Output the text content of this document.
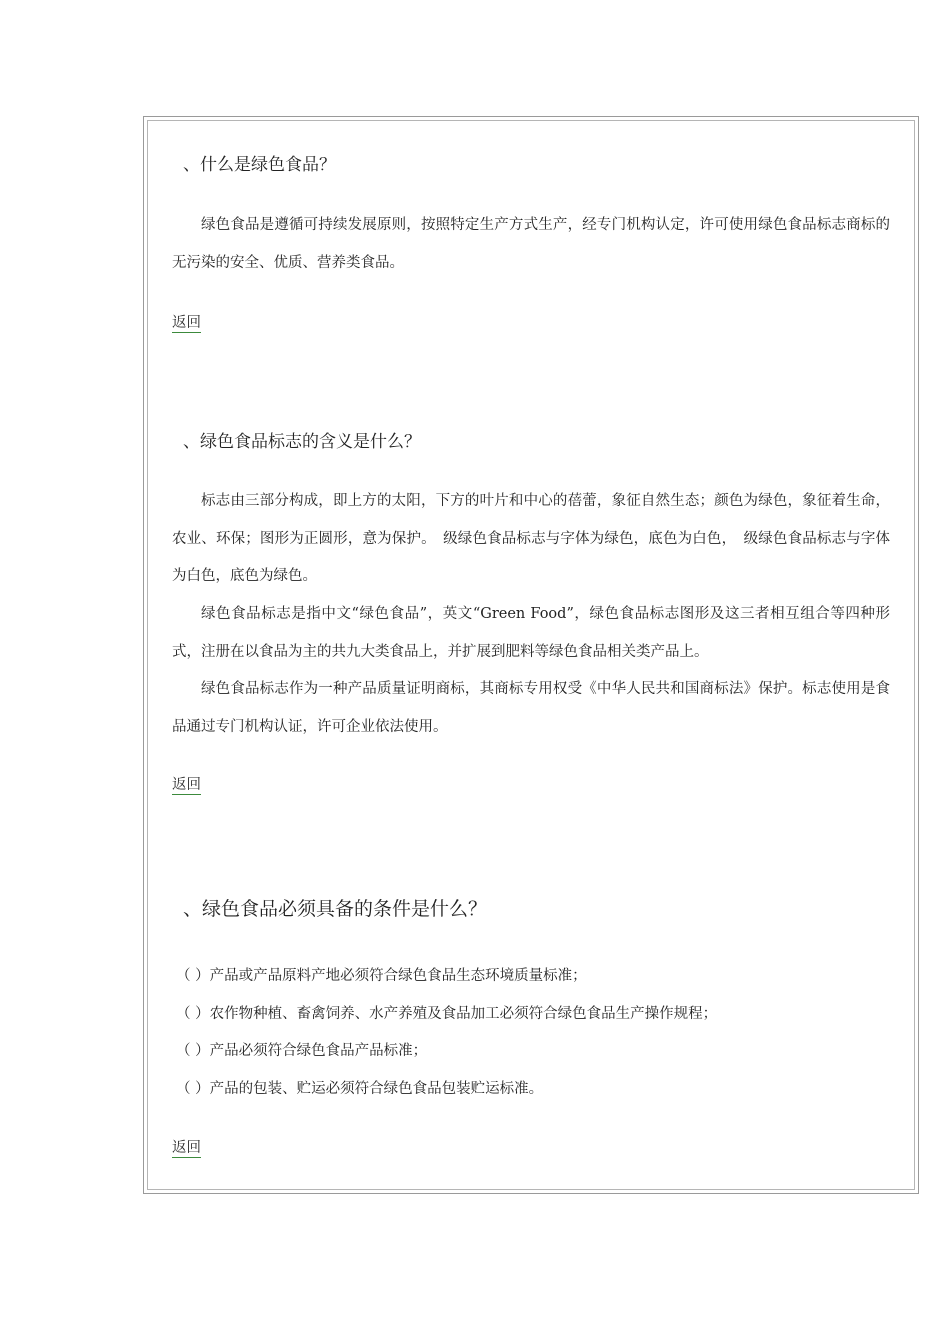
、什么是绿色食品？

绿色食品是遵循可持续发展原则，按照特定生产方式生产，经专门机构认定，许可使用绿色食品标志商标的无污染的安全、优质、营养类食品。

返回
、绿色食品标志的含义是什么？

标志由三部分构成，即上方的太阳，下方的叶片和中心的蓓蕾，象征自然生态；颜色为绿色，象征着生命，农业、环保；图形为正圆形，意为保护。　级绿色食品标志与字体为绿色，底色为白色，　级绿色食品标志与字体为白色，底色为绿色。

绿色食品标志是指中文“绿色食品”，英文“Green Food”，绿色食品标志图形及这三者相互组合等四种形式，注册在以食品为主的共九大类食品上，并扩展到肥料等绿色食品相关类产品上。

绿色食品标志作为一种产品质量证明商标，其商标专用权受《中华人民共和国商标法》保护。标志使用是食品通过专门机构认证，许可企业依法使用。

返回
、绿色食品必须具备的条件是什么？

（ ）产品或产品原料产地必须符合绿色食品生态环境质量标准；

（ ）农作物种植、畜禽饲养、水产养殖及食品加工必须符合绿色食品生产操作规程；

（ ）产品必须符合绿色食品产品标准；

（ ）产品的包装、贮运必须符合绿色食品包装贮运标准。

返回
